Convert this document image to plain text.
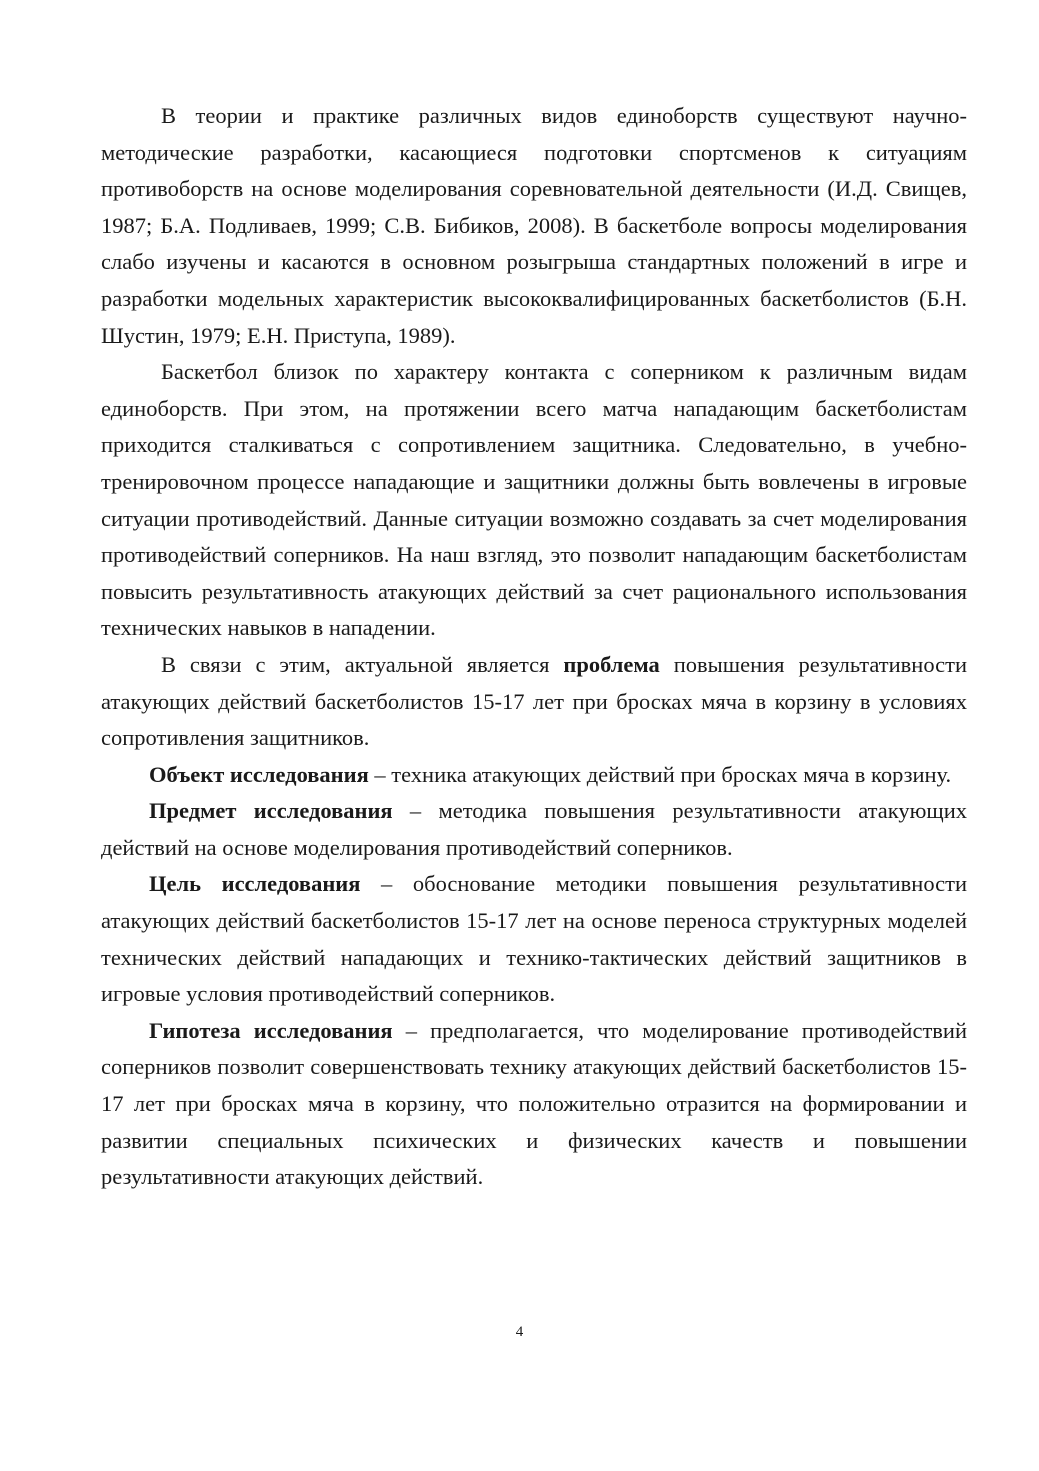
В теории и практике различных видов единоборств существуют научно-методические разработки, касающиеся подготовки спортсменов к ситуациям противоборств на основе моделирования соревновательной деятельности (И.Д. Свищев, 1987; Б.А. Подливаев, 1999; С.В. Бибиков, 2008). В баскетболе вопросы моделирования слабо изучены и касаются в основном розыгрыша стандартных положений в игре и разработки модельных характеристик высококвалифицированных баскетболистов (Б.Н. Шустин, 1979; Е.Н. Приступа, 1989).

Баскетбол близок по характеру контакта с соперником к различным видам единоборств. При этом, на протяжении всего матча нападающим баскетболистам приходится сталкиваться с сопротивлением защитника. Следовательно, в учебно-тренировочном процессе нападающие и защитники должны быть вовлечены в игровые ситуации противодействий. Данные ситуации возможно создавать за счет моделирования противодействий соперников. На наш взгляд, это позволит нападающим баскетболистам повысить результативность атакующих действий за счет рационального использования технических навыков в нападении.

В связи с этим, актуальной является проблема повышения результативности атакующих действий баскетболистов 15-17 лет при бросках мяча в корзину в условиях сопротивления защитников.

Объект исследования – техника атакующих действий при бросках мяча в корзину.

Предмет исследования – методика повышения результативности атакующих действий на основе моделирования противодействий соперников.

Цель исследования – обоснование методики повышения результативности атакующих действий баскетболистов 15-17 лет на основе переноса структурных моделей технических действий нападающих и технико-тактических действий защитников в игровые условия противодействий соперников.

Гипотеза исследования – предполагается, что моделирование противодействий соперников позволит совершенствовать технику атакующих действий баскетболистов 15-17 лет при бросках мяча в корзину, что положительно отразится на формировании и развитии специальных психических и физических качеств и повышении результативности атакующих действий.

4
